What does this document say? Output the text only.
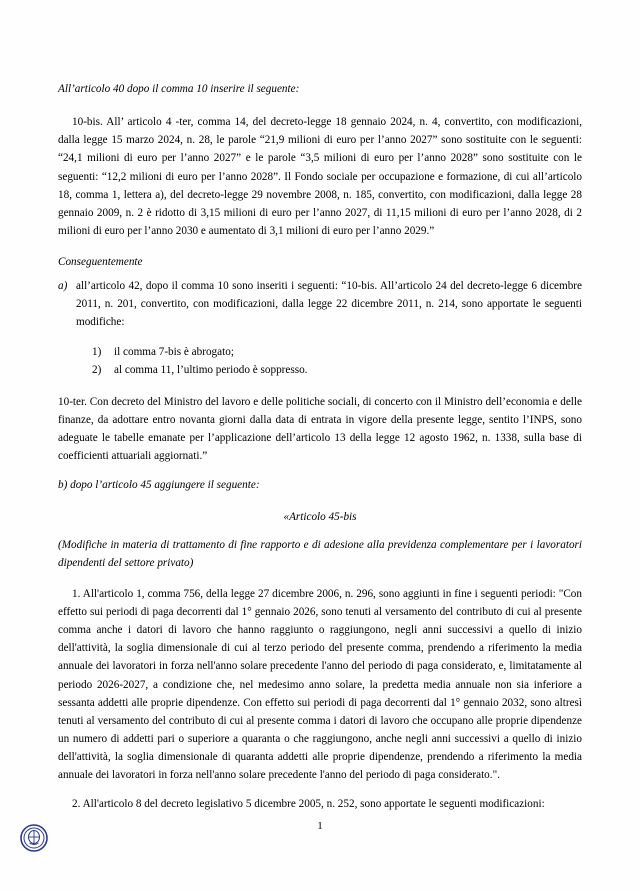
All’articolo 40 dopo il comma 10 inserire il seguente:

10-bis. All’ articolo 4 -ter, comma 14, del decreto-legge 18 gennaio 2024, n. 4, convertito, con modificazioni, dalla legge 15 marzo 2024, n. 28, le parole “21,9 milioni di euro per l’anno 2027” sono sostituite con le seguenti: “24,1 milioni di euro per l’anno 2027” e le parole “3,5 milioni di euro per l’anno 2028” sono sostituite con le seguenti: “12,2 milioni di euro per l’anno 2028”. Il Fondo sociale per occupazione e formazione, di cui all’articolo 18, comma 1, lettera a), del decreto-legge 29 novembre 2008, n. 185, convertito, con modificazioni, dalla legge 28 gennaio 2009, n. 2 è ridotto di 3,15 milioni di euro per l’anno 2027, di 11,15 milioni di euro per l’anno 2028, di 2 milioni di euro per l’anno 2030 e aumentato di 3,1 milioni di euro per l’anno 2029.”

Conseguentemente
a) all’articolo 42, dopo il comma 10 sono inseriti i seguenti: “10-bis. All’articolo 24 del decreto-legge 6 dicembre 2011, n. 201, convertito, con modificazioni, dalla legge 22 dicembre 2011, n. 214, sono apportate le seguenti modifiche:
1)	il comma 7-bis è abrogato;
2)	al comma 11, l’ultimo periodo è soppresso.

10-ter. Con decreto del Ministro del lavoro e delle politiche sociali, di concerto con il Ministro dell’economia e delle finanze, da adottare entro novanta giorni dalla data di entrata in vigore della presente legge, sentito l’INPS, sono adeguate le tabelle emanate per l’applicazione dell’articolo 13 della legge 12 agosto 1962, n. 1338, sulla base di coefficienti attuariali aggiornati.”

b) dopo l’articolo 45 aggiungere il seguente:

«Articolo 45-bis
(Modifiche in materia di trattamento di fine rapporto e di adesione alla previdenza complementare per i lavoratori dipendenti del settore privato)

1. All'articolo 1, comma 756, della legge 27 dicembre 2006, n. 296, sono aggiunti in fine i seguenti periodi: "Con effetto sui periodi di paga decorrenti dal 1° gennaio 2026, sono tenuti al versamento del contributo di cui al presente comma anche i datori di lavoro che hanno raggiunto o raggiungono, negli anni successivi a quello di inizio dell'attività, la soglia dimensionale di cui al terzo periodo del presente comma, prendendo a riferimento la media annuale dei lavoratori in forza nell'anno solare precedente l'anno del periodo di paga considerato, e, limitatamente al periodo 2026-2027, a condizione che, nel medesimo anno solare, la predetta media annuale non sia inferiore a sessanta addetti alle proprie dipendenze. Con effetto sui periodi di paga decorrenti dal 1° gennaio 2032, sono altresì tenuti al versamento del contributo di cui al presente comma i datori di lavoro che occupano alle proprie dipendenze un numero di addetti pari o superiore a quaranta o che raggiungono, anche negli anni successivi a quello di inizio dell'attività, la soglia dimensionale di quaranta addetti alle proprie dipendenze, prendendo a riferimento la media annuale dei lavoratori in forza nell'anno solare precedente l'anno del periodo di paga considerato.".

2. All'articolo 8 del decreto legislativo 5 dicembre 2005, n. 252, sono apportate le seguenti modificazioni:

1
